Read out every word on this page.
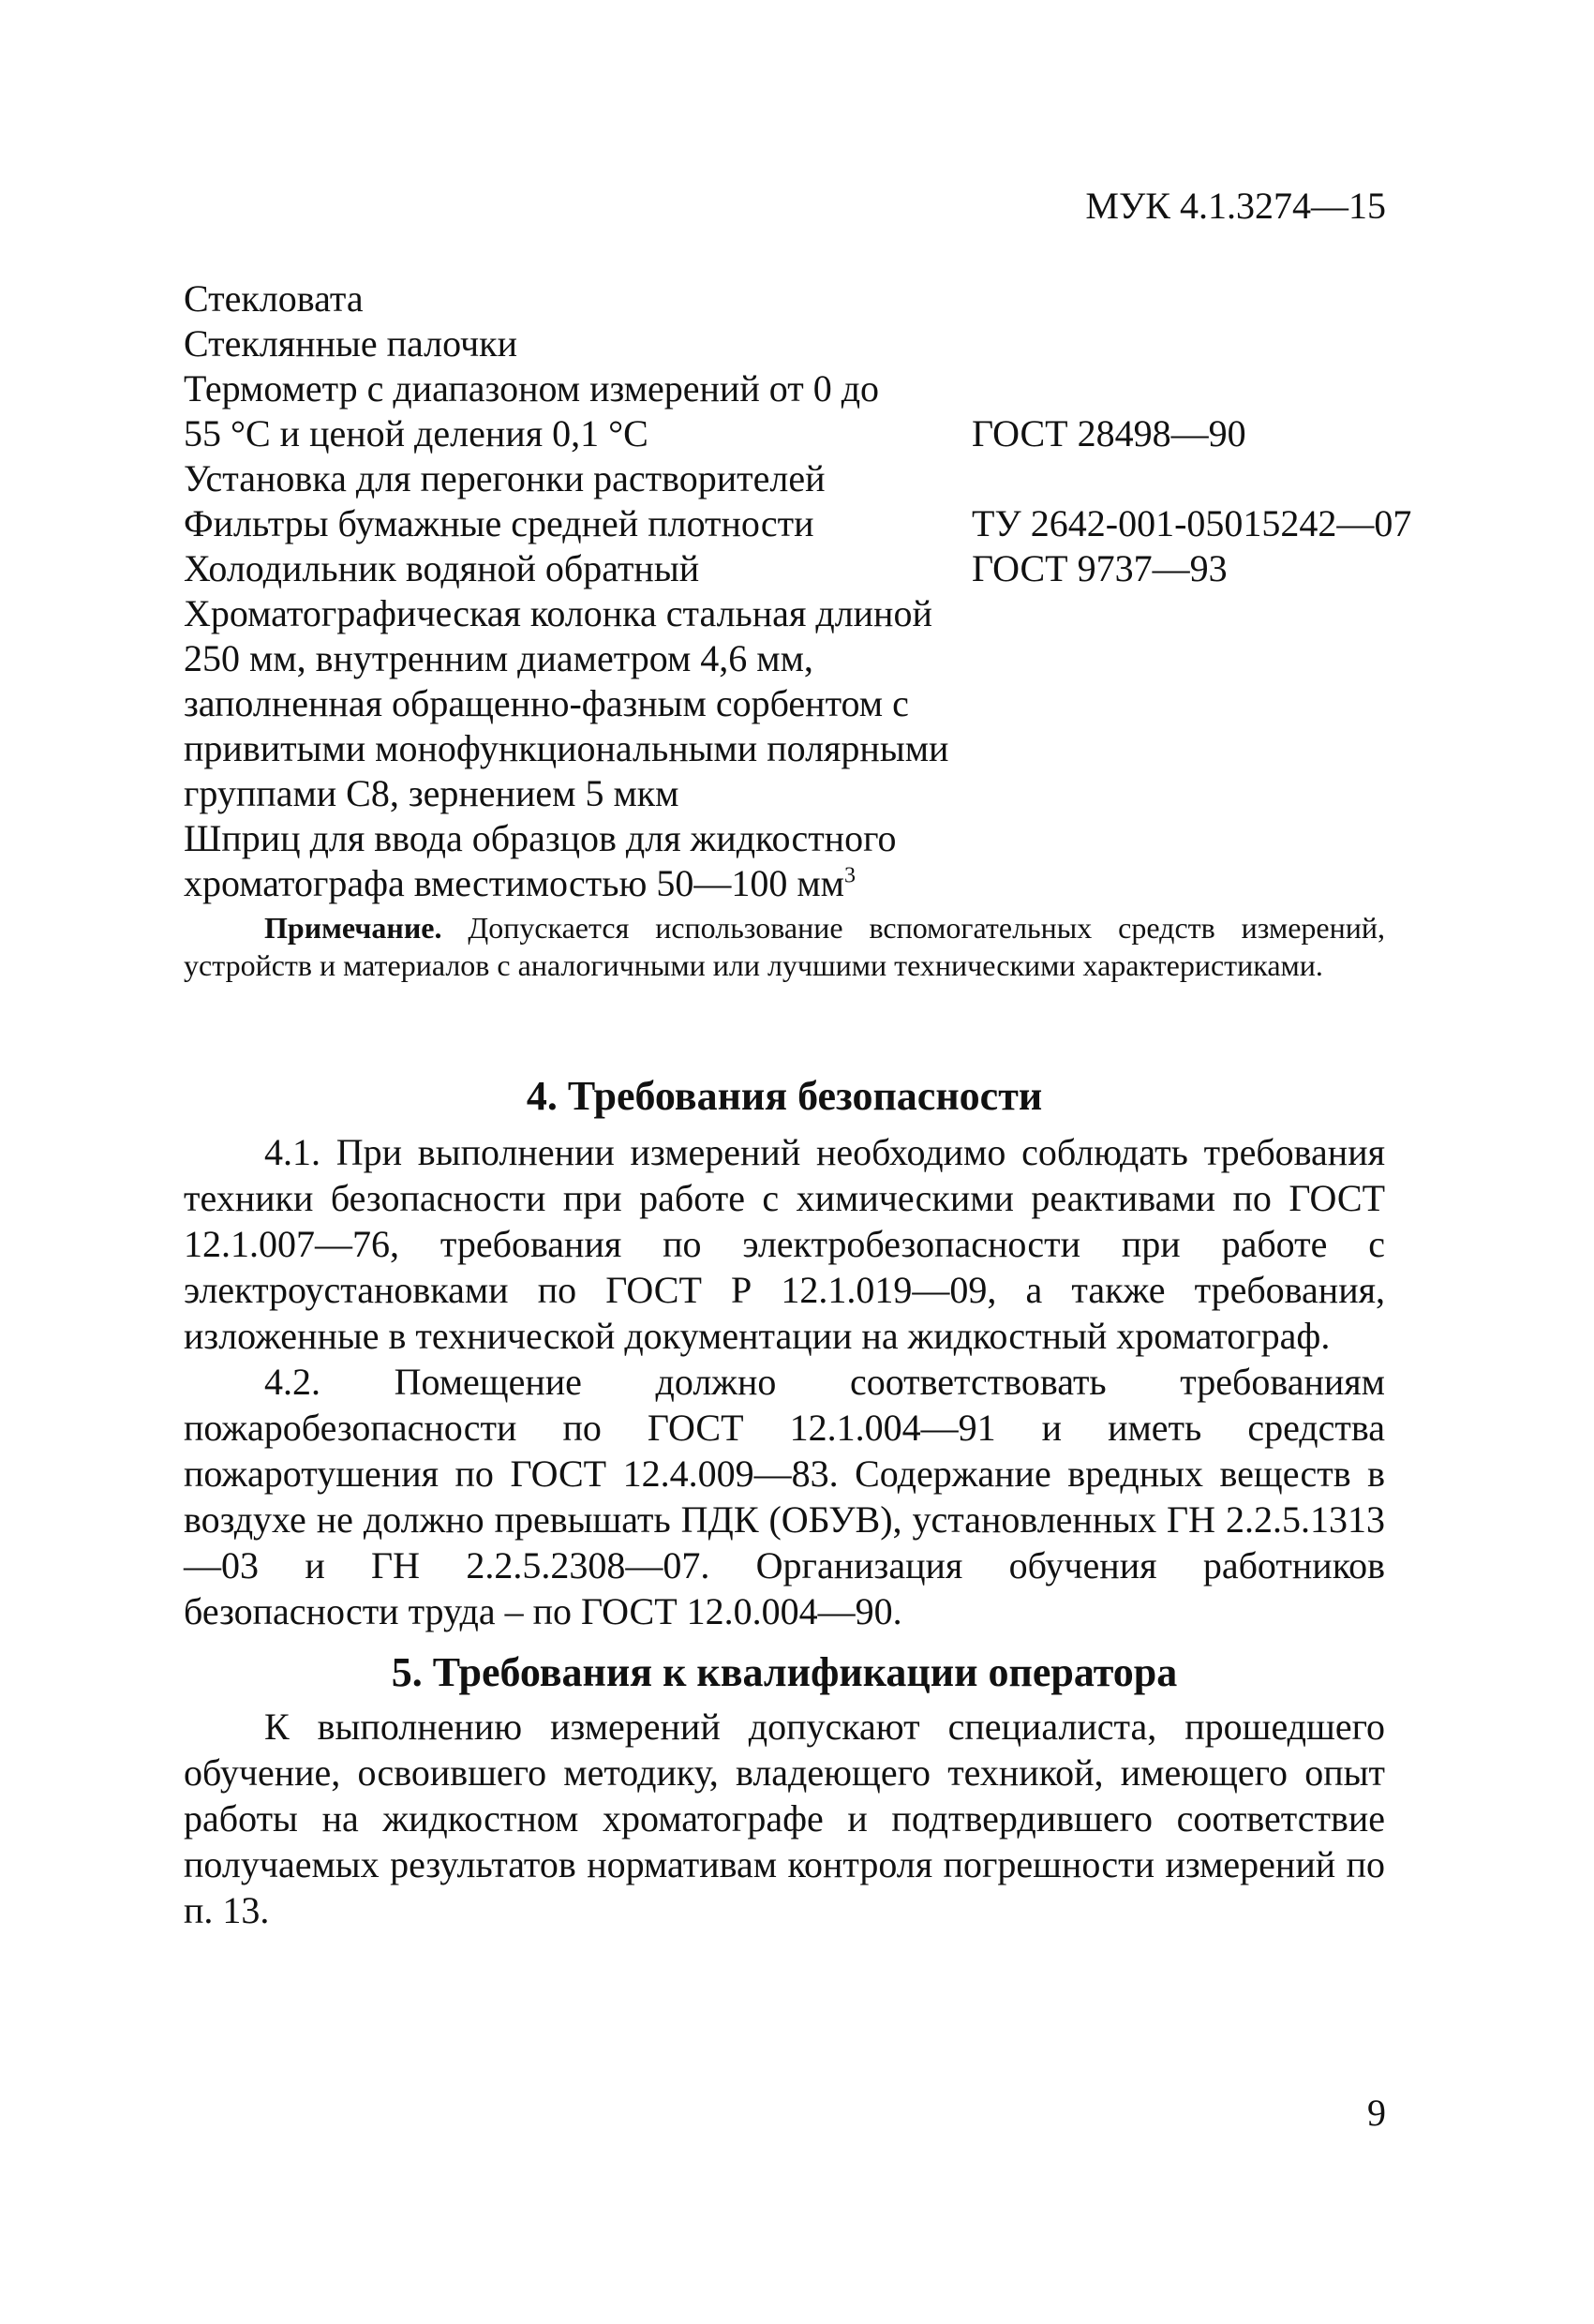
МУК 4.1.3274—15
Стекловата	
Стеклянные палочки	
Термометр с диапазоном измерений от 0 до	
55 °С и ценой деления 0,1 °С	ГОСТ 28498—90
Установка для перегонки растворителей	
Фильтры бумажные средней плотности	ТУ 2642-001-05015242—07
Холодильник водяной обратный	ГОСТ 9737—93
Хроматографическая колонка стальная длиной	
250 мм, внутренним диаметром 4,6 мм,	
заполненная обращенно-фазным сорбентом с	
привитыми монофункциональными полярными	
группами С8, зернением 5 мкм	
Шприц для ввода образцов для жидкостного	
хроматографа вместимостью 50—100 $мм^3$	

Примечание. Допускается использование вспомогательных средств измерений, устройств и материалов с аналогичными или лучшими техническими характеристиками.

4. Требования безопасности

4.1. При выполнении измерений необходимо соблюдать требования техники безопасности при работе с химическими реактивами по ГОСТ 12.1.007—76, требования по электробезопасности при работе с электроустановками по ГОСТ Р 12.1.019—09, а также требования, изложенные в технической документации на жидкостный хроматограф.

4.2. Помещение должно соответствовать требованиям пожаробезопасности по ГОСТ 12.1.004—91 и иметь средства пожаротушения по ГОСТ 12.4.009—83. Содержание вредных веществ в воздухе не должно превышать ПДК (ОБУВ), установленных ГН 2.2.5.1313—03 и ГН 2.2.5.2308—07. Организация обучения работников безопасности труда – по ГОСТ 12.0.004—90.

5. Требования к квалификации оператора

К выполнению измерений допускают специалиста, прошедшего обучение, освоившего методику, владеющего техникой, имеющего опыт работы на жидкостном хроматографе и подтвердившего соответствие получаемых результатов нормативам контроля погрешности измерений по п. 13.

9
